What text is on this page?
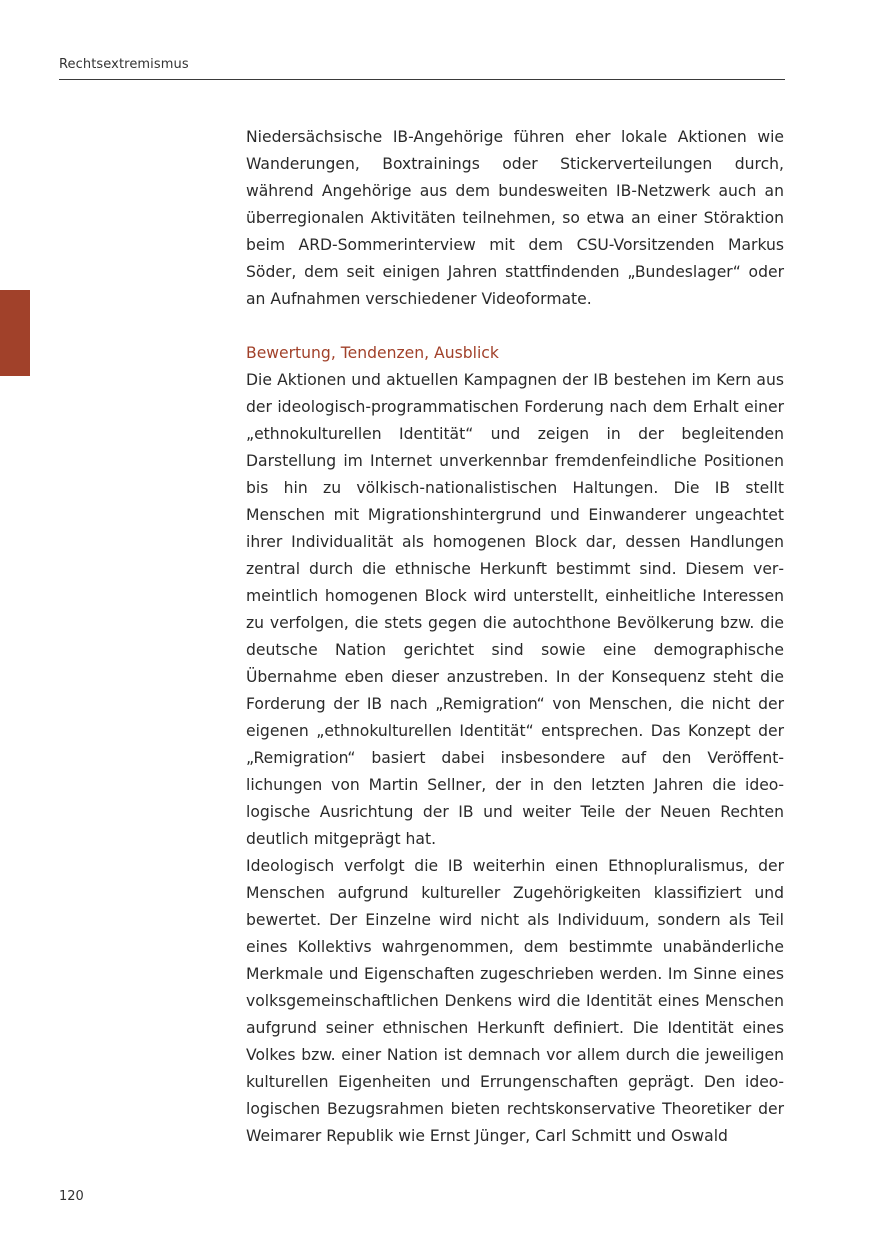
Rechtsextremismus

Niedersächsische IB-Angehörige führen eher lokale Aktionen wie Wanderungen, Boxtrainings oder Stickerverteilungen durch, während Angehörige aus dem bundesweiten IB-Netzwerk auch an überregionalen Aktivitäten teilnehmen, so etwa an einer Störaktion beim ARD-Sommerinterview mit dem CSU-Vorsitzenden Markus Söder, dem seit einigen Jahren stattfindenden „Bundeslager“ oder an Aufnahmen verschiedener Videoformate.

Bewertung, Tendenzen, Ausblick

Die Aktionen und aktuellen Kampagnen der IB bestehen im Kern aus der ideologisch-programmatischen Forderung nach dem Erhalt einer „ethnokulturellen Identität“ und zeigen in der begleitenden Darstellung im Internet unverkennbar fremdenfeindliche Positionen bis hin zu völkisch-nationalistischen Haltungen. Die IB stellt Menschen mit Migrationshintergrund und Einwanderer ungeachtet ihrer Individualität als homogenen Block dar, dessen Handlungen zentral durch die ethnische Herkunft bestimmt sind. Diesem vermeintlich homogenen Block wird unterstellt, einheitliche Interessen zu verfolgen, die stets gegen die autochthone Bevölkerung bzw. die deutsche Nation gerichtet sind sowie eine demographische Übernahme eben dieser anzustreben. In der Konsequenz steht die Forderung der IB nach „Remigration“ von Menschen, die nicht der eigenen „ethnokulturellen Identität“ entsprechen. Das Konzept der „Remigration“ basiert dabei insbesondere auf den Veröffentlichungen von Martin Sellner, der in den letzten Jahren die ideologische Ausrichtung der IB und weiter Teile der Neuen Rechten deutlich mitgeprägt hat.

Ideologisch verfolgt die IB weiterhin einen Ethnopluralismus, der Menschen aufgrund kultureller Zugehörigkeiten klassifiziert und bewertet. Der Einzelne wird nicht als Individuum, sondern als Teil eines Kollektivs wahrgenommen, dem bestimmte unabänderliche Merkmale und Eigenschaften zugeschrieben werden. Im Sinne eines volksgemeinschaftlichen Denkens wird die Identität eines Menschen aufgrund seiner ethnischen Herkunft definiert. Die Identität eines Volkes bzw. einer Nation ist demnach vor allem durch die jeweiligen kulturellen Eigenheiten und Errungenschaften geprägt. Den ideologischen Bezugsrahmen bieten rechtskonservative Theoretiker der Weimarer Republik wie Ernst Jünger, Carl Schmitt und Oswald

120
